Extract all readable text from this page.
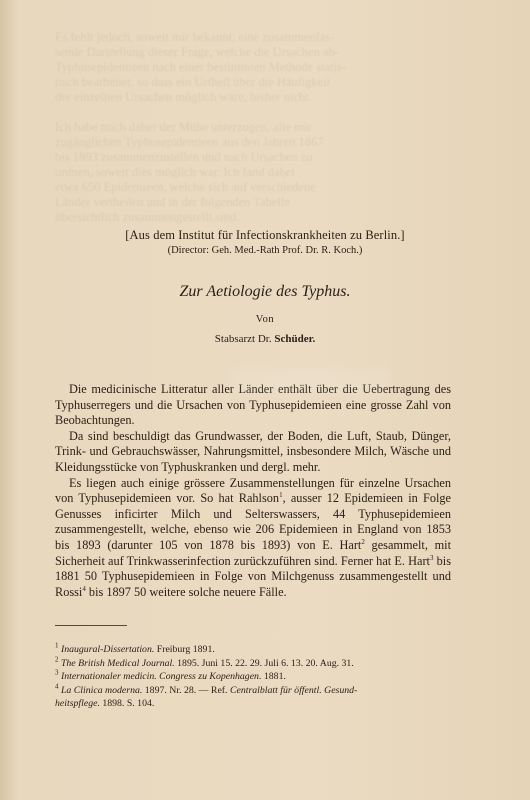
Es fehlt jedoch, soweit mir bekannt, eine zusammenfas-
sende Darstellung dieser Frage, welche die Ursachen ab-
Typhusepidemieen nach einer bestimmten Methode statis-
tisch bearbeitet, so dass ein Urtheil über die Häufigkeit
der einzelnen Ursachen möglich wäre, bisher nicht.

Ich habe mich daher der Mühe unterzogen, alle mir
zugänglichen Typhusepidemieen aus den Jahren 1867
bis 1893 zusammenzustellen und nach Ursachen zu
ordnen, soweit dies möglich war. Ich fand dabei
etwa 650 Epidemieen, welche sich auf verschiedene
Länder vertheilen und in der folgenden Tabelle
übersichtlich zusammengestellt sind.
[Aus dem Institut für Infectionskrankheiten zu Berlin.]
(Director: Geh. Med.-Rath Prof. Dr. R. Koch.)
Zur Aetiologie des Typhus.
Von
Stabsarzt Dr. Schüder.

Die medicinische Litteratur aller Länder enthält über die Uebertragung des Typhuserregers und die Ursachen von Typhusepidemieen eine grosse Zahl von Beobachtungen.

Da sind beschuldigt das Grundwasser, der Boden, die Luft, Staub, Dünger, Trink- und Gebrauchswässer, Nahrungsmittel, insbesondere Milch, Wäsche und Kleidungsstücke von Typhuskranken und dergl. mehr.

Es liegen auch einige grössere Zusammenstellungen für einzelne Ursachen von Typhusepidemieen vor. So hat Rahlson$^1$, ausser 12 Epidemieen in Folge Genusses inficirter Milch und Selterswassers, 44 Typhusepidemieen zusammengestellt, welche, ebenso wie 206 Epidemieen in England von 1853 bis 1893 (darunter 105 von 1878 bis 1893) von E. Hart$^2$ gesammelt, mit Sicherheit auf Trinkwasserinfection zurückzuführen sind. Ferner hat E. Hart$^3$ bis 1881 50 Typhusepidemieen in Folge von Milchgenuss zusammengestellt und Rossi$^4$ bis 1897 50 weitere solche neuere Fälle.

$^1$ Inaugural-Dissertation. Freiburg 1891.
$^2$ The British Medical Journal. 1895. Juni 15. 22. 29. Juli 6. 13. 20. Aug. 31.
$^3$ Internationaler medicin. Congress zu Kopenhagen. 1881.
$^4$ La Clinica moderna. 1897. Nr. 28. — Ref. Centralblatt für öffentl. Gesund-
heitspflege. 1898. S. 104.
